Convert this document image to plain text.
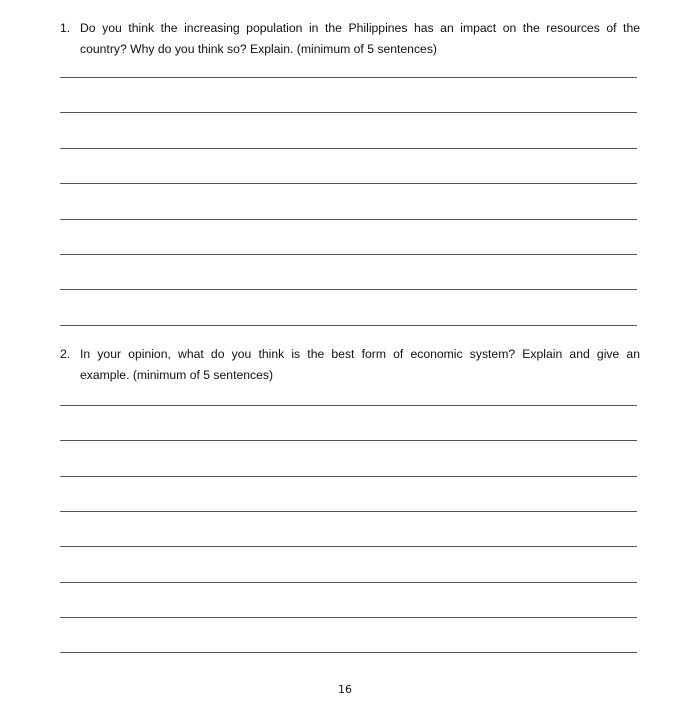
1. Do you think the increasing population in the Philippines has an impact on the resources of the
country? Why do you think so? Explain. (minimum of 5 sentences)
2. In your opinion, what do you think is the best form of economic system? Explain and give an
example. (minimum of 5 sentences)
16
